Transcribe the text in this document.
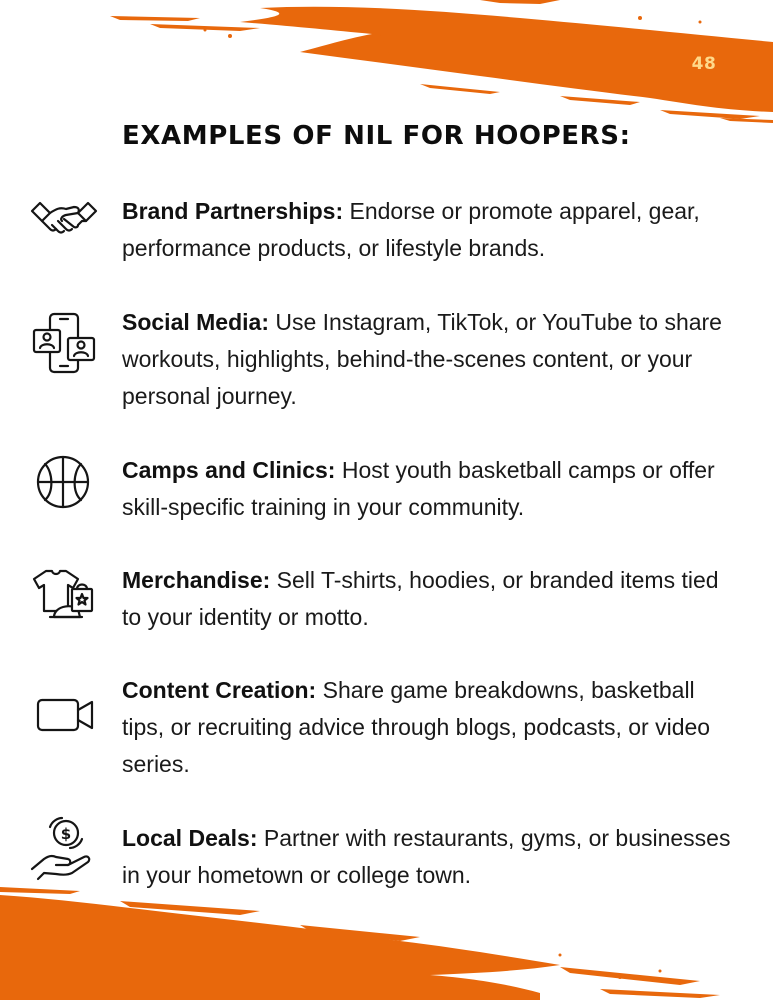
48
EXAMPLES OF NIL FOR HOOPERS:

Brand Partnerships: Endorse or promote apparel, gear, performance products, or lifestyle brands.

Social Media: Use Instagram, TikTok, or YouTube to share workouts, highlights, behind-the-scenes content, or your personal journey.

Camps and Clinics: Host youth basketball camps or offer skill-specific training in your community.

Merchandise: Sell T-shirts, hoodies, or branded items tied to your identity or motto.

Content Creation: Share game breakdowns, basketball tips, or recruiting advice through blogs, podcasts, or video series.

$ Local Deals: Partner with restaurants, gyms, or businesses in your hometown or college town.
